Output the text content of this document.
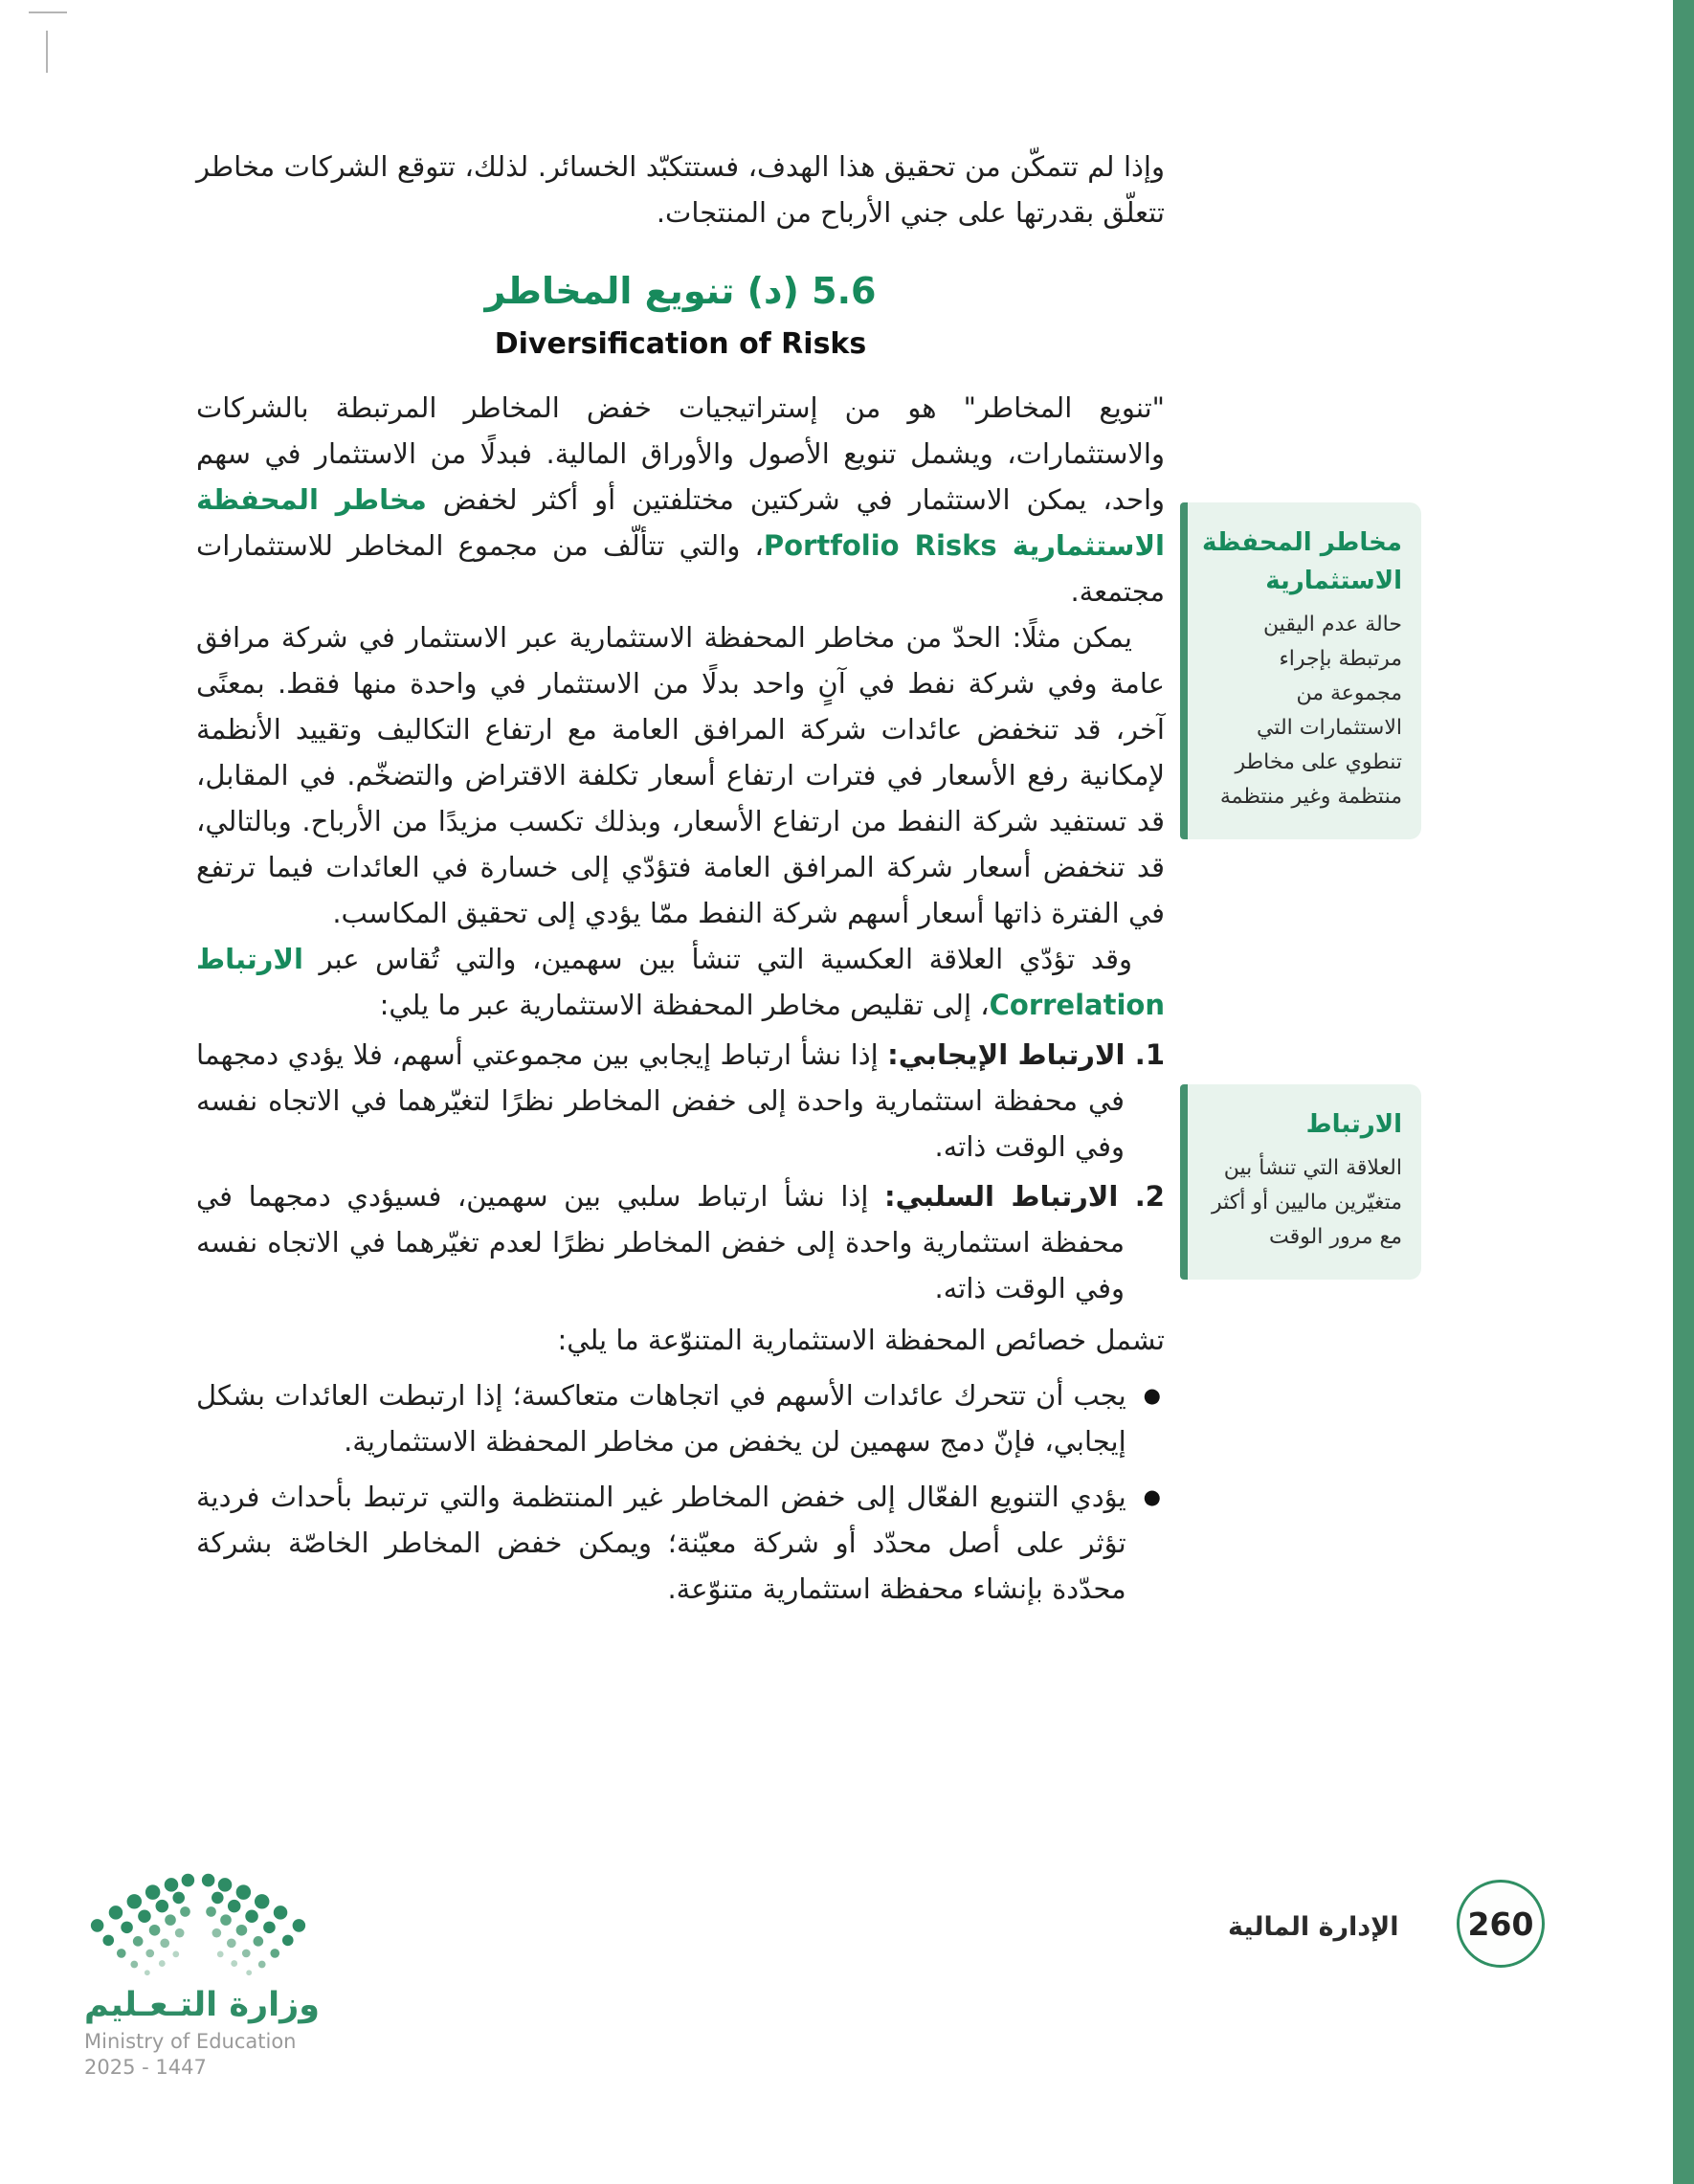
وإذا لم تتمكّن من تحقيق هذا الهدف، فستتكبّد الخسائر. لذلك، تتوقع الشركات مخاطر تتعلّق بقدرتها على جني الأرباح من المنتجات.

5.6 (د) تنويع المخاطر
Diversification of Risks

"تنويع المخاطر" هو من إستراتيجيات خفض المخاطر المرتبطة بالشركات والاستثمارات، ويشمل تنويع الأصول والأوراق المالية. فبدلًا من الاستثمار في سهم واحد، يمكن الاستثمار في شركتين مختلفتين أو أكثر لخفض مخاطر المحفظة الاستثمارية Portfolio Risks، والتي تتألّف من مجموع المخاطر للاستثمارات مجتمعة.

يمكن مثلًا: الحدّ من مخاطر المحفظة الاستثمارية عبر الاستثمار في شركة مرافق عامة وفي شركة نفط في آنٍ واحد بدلًا من الاستثمار في واحدة منها فقط. بمعنًى آخر، قد تنخفض عائدات شركة المرافق العامة مع ارتفاع التكاليف وتقييد الأنظمة لإمكانية رفع الأسعار في فترات ارتفاع أسعار تكلفة الاقتراض والتضخّم. في المقابل، قد تستفيد شركة النفط من ارتفاع الأسعار، وبذلك تكسب مزيدًا من الأرباح. وبالتالي، قد تنخفض أسعار شركة المرافق العامة فتؤدّي إلى خسارة في العائدات فيما ترتفع في الفترة ذاتها أسعار أسهم شركة النفط ممّا يؤدي إلى تحقيق المكاسب.

وقد تؤدّي العلاقة العكسية التي تنشأ بين سهمين، والتي تُقاس عبر الارتباط Correlation، إلى تقليص مخاطر المحفظة الاستثمارية عبر ما يلي:

1. الارتباط الإيجابي: إذا نشأ ارتباط إيجابي بين مجموعتي أسهم، فلا يؤدي دمجهما في محفظة استثمارية واحدة إلى خفض المخاطر نظرًا لتغيّرهما في الاتجاه نفسه وفي الوقت ذاته.
2. الارتباط السلبي: إذا نشأ ارتباط سلبي بين سهمين، فسيؤدي دمجهما في محفظة استثمارية واحدة إلى خفض المخاطر نظرًا لعدم تغيّرهما في الاتجاه نفسه وفي الوقت ذاته.

تشمل خصائص المحفظة الاستثمارية المتنوّعة ما يلي:

●
يجب أن تتحرك عائدات الأسهم في اتجاهات متعاكسة؛ إذا ارتبطت العائدات بشكل إيجابي، فإنّ دمج سهمين لن يخفض من مخاطر المحفظة الاستثمارية.
●
يؤدي التنويع الفعّال إلى خفض المخاطر غير المنتظمة والتي ترتبط بأحداث فردية تؤثر على أصل محدّد أو شركة معيّنة؛ ويمكن خفض المخاطر الخاصّة بشركة محدّدة بإنشاء محفظة استثمارية متنوّعة.
مخاطر المحفظة الاستثمارية
حالة عدم اليقين مرتبطة بإجراء مجموعة من الاستثمارات التي تنطوي على مخاطر منتظمة وغير منتظمة
الارتباط
العلاقة التي تنشأ بين متغيّرين ماليين أو أكثر مع مرور الوقت
وزارة التـعـليم
Ministry of Education
2025 - 1447
الإدارة المالية 260
